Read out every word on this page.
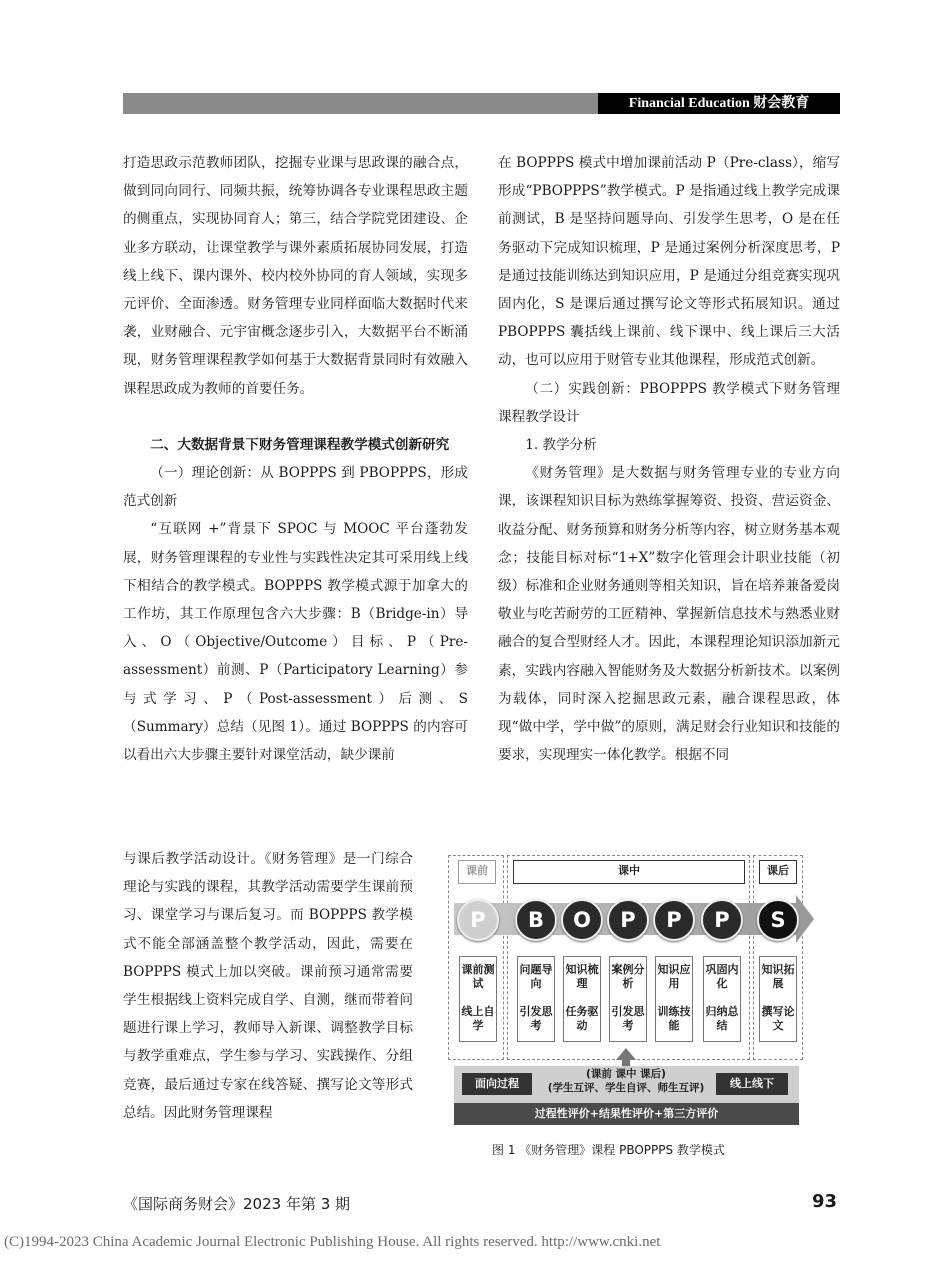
Financial Education 财会教育

打造思政示范教师团队，挖掘专业课与思政课的融合点，做到同向同行、同频共振，统筹协调各专业课程思政主题的侧重点，实现协同育人；第三，结合学院党团建设、企业多方联动，让课堂教学与课外素质拓展协同发展，打造线上线下、课内课外、校内校外协同的育人领域，实现多元评价、全面渗透。财务管理专业同样面临大数据时代来袭，业财融合、元宇宙概念逐步引入，大数据平台不断涌现，财务管理课程教学如何基于大数据背景同时有效融入课程思政成为教师的首要任务。

二、大数据背景下财务管理课程教学模式创新研究

（一）理论创新：从 BOPPPS 到 PBOPPPS，形成范式创新

“互联网 +”背景下 SPOC 与 MOOC 平台蓬勃发展，财务管理课程的专业性与实践性决定其可采用线上线下相结合的教学模式。BOPPPS 教学模式源于加拿大的工作坊，其工作原理包含六大步骤：B（Bridge-in）导入、O（Objective/Outcome）目标、P（Pre-assessment）前测、P（Participatory Learning）参与式学习、P（Post-assessment）后测、S（Summary）总结（见图 1）。通过 BOPPPS 的内容可以看出六大步骤主要针对课堂活动，缺少课前

与课后教学活动设计。《财务管理》是一门综合理论与实践的课程，其教学活动需要学生课前预习、课堂学习与课后复习。而 BOPPPS 教学模式不能全部涵盖整个教学活动，因此，需要在 BOPPPS 模式上加以突破。课前预习通常需要学生根据线上资料完成自学、自测，继而带着问题进行课上学习，教师导入新课、调整教学目标与教学重难点，学生参与学习、实践操作、分组竞赛，最后通过专家在线答疑、撰写论文等形式总结。因此财务管理课程

在 BOPPPS 模式中增加课前活动 P（Pre-class），缩写形成“PBOPPPS”教学模式。P 是指通过线上教学完成课前测试，B 是坚持问题导向、引发学生思考，O 是在任务驱动下完成知识梳理，P 是通过案例分析深度思考，P 是通过技能训练达到知识应用，P 是通过分组竞赛实现巩固内化，S 是课后通过撰写论文等形式拓展知识。通过 PBOPPPS 囊括线上课前、线下课中、线上课后三大活动，也可以应用于财管专业其他课程，形成范式创新。

（二）实践创新：PBOPPPS 教学模式下财务管理课程教学设计

1. 教学分析

《财务管理》是大数据与财务管理专业的专业方向课，该课程知识目标为熟练掌握筹资、投资、营运资金、收益分配、财务预算和财务分析等内容，树立财务基本观念；技能目标对标“1+X”数字化管理会计职业技能（初级）标准和企业财务通则等相关知识，旨在培养兼备爱岗敬业与吃苦耐劳的工匠精神、掌握新信息技术与熟悉业财融合的复合型财经人才。因此，本课程理论知识添加新元素，实践内容融入智能财务及大数据分析新技术。以案例为载体，同时深入挖掘思政元素，融合课程思政，体现“做中学，学中做”的原则，满足财会行业知识和技能的要求，实现理实一体化教学。根据不同

课前	课中	课后
P	B	O	P	P	P	S
课前测试
线上自学
问题导向
引发思考
知识梳理
任务驱动
案例分析
引发思考
知识应用
训练技能
巩固内化
归纳总结
知识拓展
撰写论文
面向过程
(课前 课中 课后)
(学生互评、学生自评、师生互评)	线上线下
过程性评价+结果性评价+第三方评价
图 1 《财务管理》课程 PBOPPPS 教学模式
《国际商务财会》2023 年第 3 期	93
(C)1994-2023 China Academic Journal Electronic Publishing House. All rights reserved. http://www.cnki.net
